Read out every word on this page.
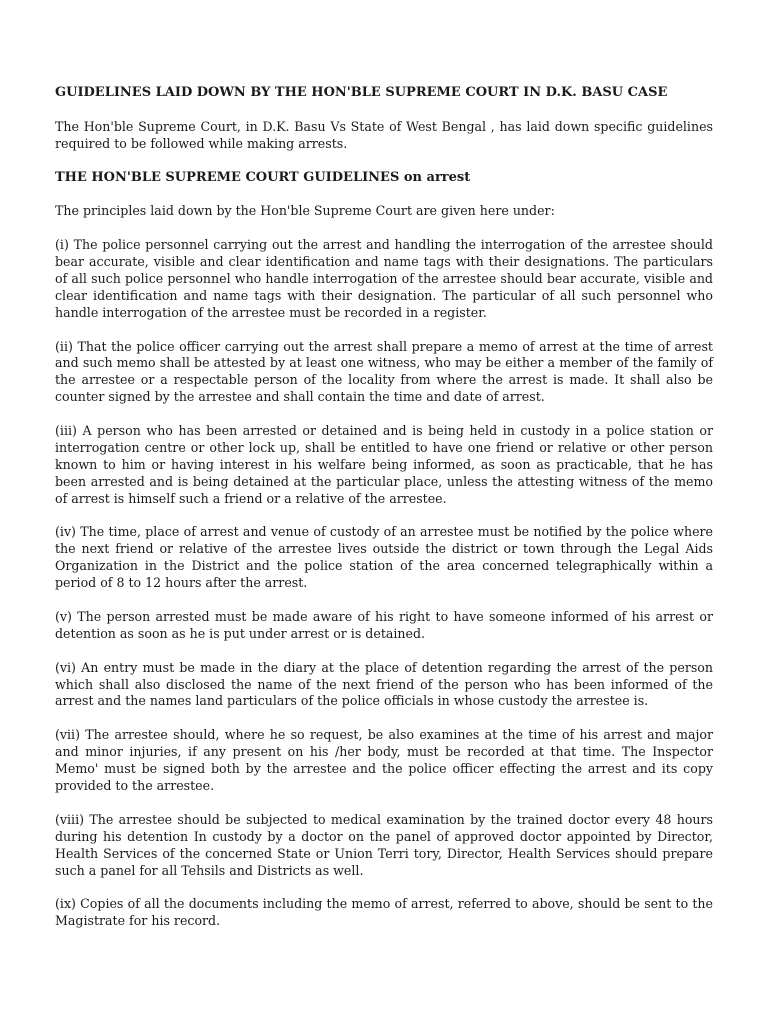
GUIDELINES LAID DOWN BY THE HON'BLE SUPREME COURT IN D.K. BASU CASE
The Hon'ble Supreme Court, in D.K. Basu Vs State of West Bengal , has laid down specific guidelines required to be followed while making arrests.
THE HON'BLE SUPREME COURT GUIDELINES on arrest
The principles laid down by the Hon'ble Supreme Court are given here under:
(i) The police personnel carrying out the arrest and handling the interrogation of the arrestee should bear accurate, visible and clear identification and name tags with their designations. The particulars of all such police personnel who handle interrogation of the arrestee should bear accurate, visible and clear identification and name tags with their designation. The particular of all such personnel who handle interrogation of the arrestee must be recorded in a register.
(ii) That the police officer carrying out the arrest shall prepare a memo of arrest at the time of arrest and such memo shall be attested by at least one witness, who may be either a member of the family of the arrestee or a respectable person of the locality from where the arrest is made. It shall also be counter signed by the arrestee and shall contain the time and date of arrest.
(iii) A person who has been arrested or detained and is being held in custody in a police station or interrogation centre or other lock up, shall be entitled to have one friend or relative or other person known to him or having interest in his welfare being informed, as soon as practicable, that he has been arrested and is being detained at the particular place, unless the attesting witness of the memo of arrest is himself such a friend or a relative of the arrestee.
(iv) The time, place of arrest and venue of custody of an arrestee must be notified by the police where the next friend or relative of the arrestee lives outside the district or town through the Legal Aids Organization in the District and the police station of the area concerned telegraphically within a period of 8 to 12 hours after the arrest.
(v) The person arrested must be made aware of his right to have someone informed of his arrest or detention as soon as he is put under arrest or is detained.
(vi) An entry must be made in the diary at the place of detention regarding the arrest of the person which shall also disclosed the name of the next friend of the person who has been informed of the arrest and the names land particulars of the police officials in whose custody the arrestee is.
(vii) The arrestee should, where he so request, be also examines at the time of his arrest and major and minor injuries, if any present on his /her body, must be recorded at that time. The Inspector Memo' must be signed both by the arrestee and the police officer effecting the arrest and its copy provided to the arrestee.
(viii) The arrestee should be subjected to medical examination by the trained doctor every 48 hours during his detention In custody by a doctor on the panel of approved doctor appointed by Director, Health Services of the concerned State or Union Terri tory, Director, Health Services should prepare such a panel for all Tehsils and Districts as well.
(ix) Copies of all the documents including the memo of arrest, referred to above, should be sent to the Magistrate for his record.
